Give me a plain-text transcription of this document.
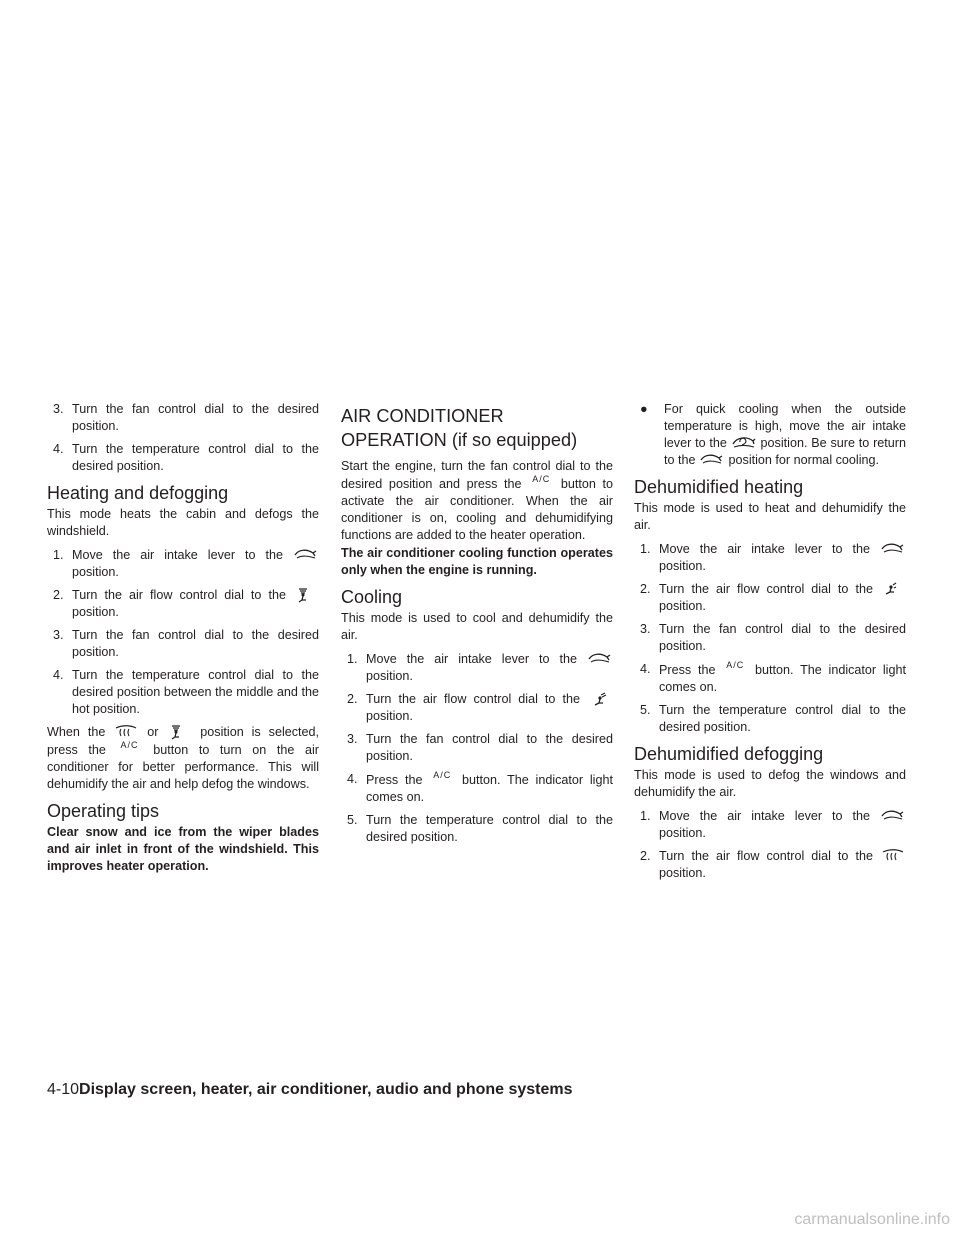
3. Turn the fan control dial to the desired position.
4. Turn the temperature control dial to the desired position.
Heating and defogging
This mode heats the cabin and defogs the windshield.
1. Move the air intake lever to the
position.
2. Turn the air flow control dial to the
position.
3. Turn the fan control dial to the desired position.
4. Turn the temperature control dial to the desired position between the middle and the hot position.
When the	or	position is selected, press the A/C button to turn on the air conditioner for better performance. This will dehumidify the air and help defog the windows.
Operating tips
Clear snow and ice from the wiper blades and air inlet in front of the windshield. This improves heater operation.
AIR CONDITIONER OPERATION (if so equipped)
Start the engine, turn the fan control dial to the desired position and press the A/C button to activate the air conditioner. When the air conditioner is on, cooling and dehumidifying functions are added to the heater operation.
The air conditioner cooling function operates only when the engine is running.
Cooling
This mode is used to cool and dehumidify the air.
1. Move the air intake lever to the
position.
2. Turn the air flow control dial to the
position.
3. Turn the fan control dial to the desired position.
4. Press the A/C button. The indicator light comes on.
5. Turn the temperature control dial to the desired position.
●	For quick cooling when the outside temperature is high, move the air intake lever to the	position. Be sure to return to the	position for normal cooling.
Dehumidified heating
This mode is used to heat and dehumidify the air.
1. Move the air intake lever to the
position.
2. Turn the air flow control dial to the
position.
3. Turn the fan control dial to the desired position.
4. Press the A/C button. The indicator light comes on.
5. Turn the temperature control dial to the desired position.
Dehumidified defogging
This mode is used to defog the windows and dehumidify the air.
1. Move the air intake lever to the
position.
2. Turn the air flow control dial to the
position.
4-10Display screen, heater, air conditioner, audio and phone systems
carmanualsonline.info
